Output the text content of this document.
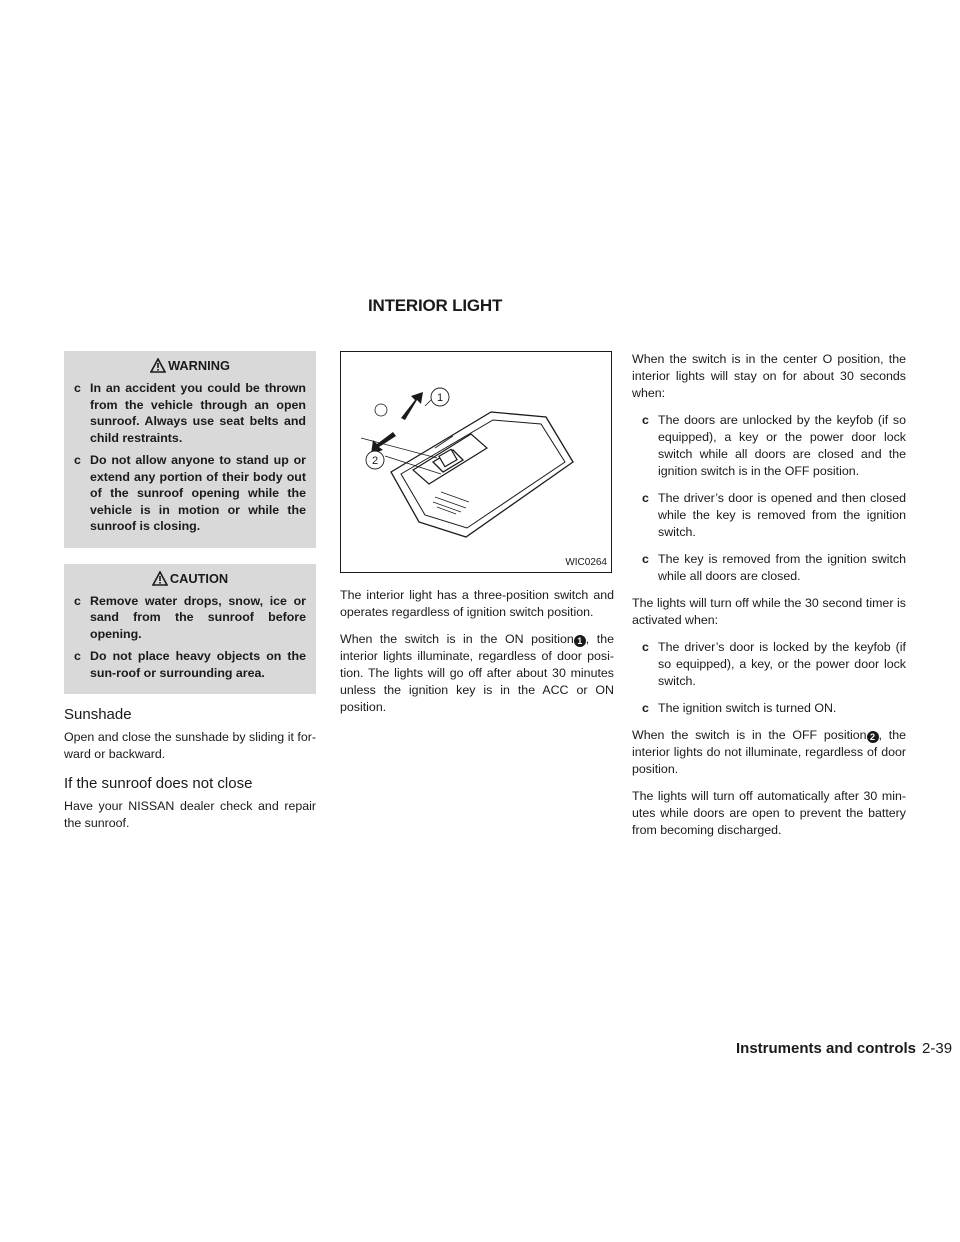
INTERIOR LIGHT
WARNING
c In an accident you could be thrown from the vehicle through an open sunroof. Always use seat belts and child restraints.
c Do not allow anyone to stand up or extend any portion of their body out of the sunroof opening while the vehicle is in motion or while the sunroof is closing.
CAUTION
c Remove water drops, snow, ice or sand from the sunroof before opening.
c Do not place heavy objects on the sun-roof or surrounding area.
Sunshade

Open and close the sunshade by sliding it for-ward or backward.

If the sunroof does not close

Have your NISSAN dealer check and repair the sunroof.

1
2
WIC0264

The interior light has a three-position switch and operates regardless of ignition switch position.

When the switch is in the ON position 1 , the interior lights illuminate, regardless of door posi-tion. The lights will go off after about 30 minutes unless the ignition key is in the ACC or ON position.

When the switch is in the center O position, the interior lights will stay on for about 30 seconds when:

c The doors are unlocked by the keyfob (if so equipped), a key or the power door lock switch while all doors are closed and the ignition switch is in the OFF position.
c The driver’s door is opened and then closed while the key is removed from the ignition switch.
c The key is removed from the ignition switch while all doors are closed.

The lights will turn off while the 30 second timer is activated when:

c The driver’s door is locked by the keyfob (if so equipped), a key, or the power door lock switch.
c The ignition switch is turned ON.

When the switch is in the OFF position 2 , the interior lights do not illuminate, regardless of door position.

The lights will turn off automatically after 30 min-utes while doors are open to prevent the battery from becoming discharged.

Instruments and controls 2-39
